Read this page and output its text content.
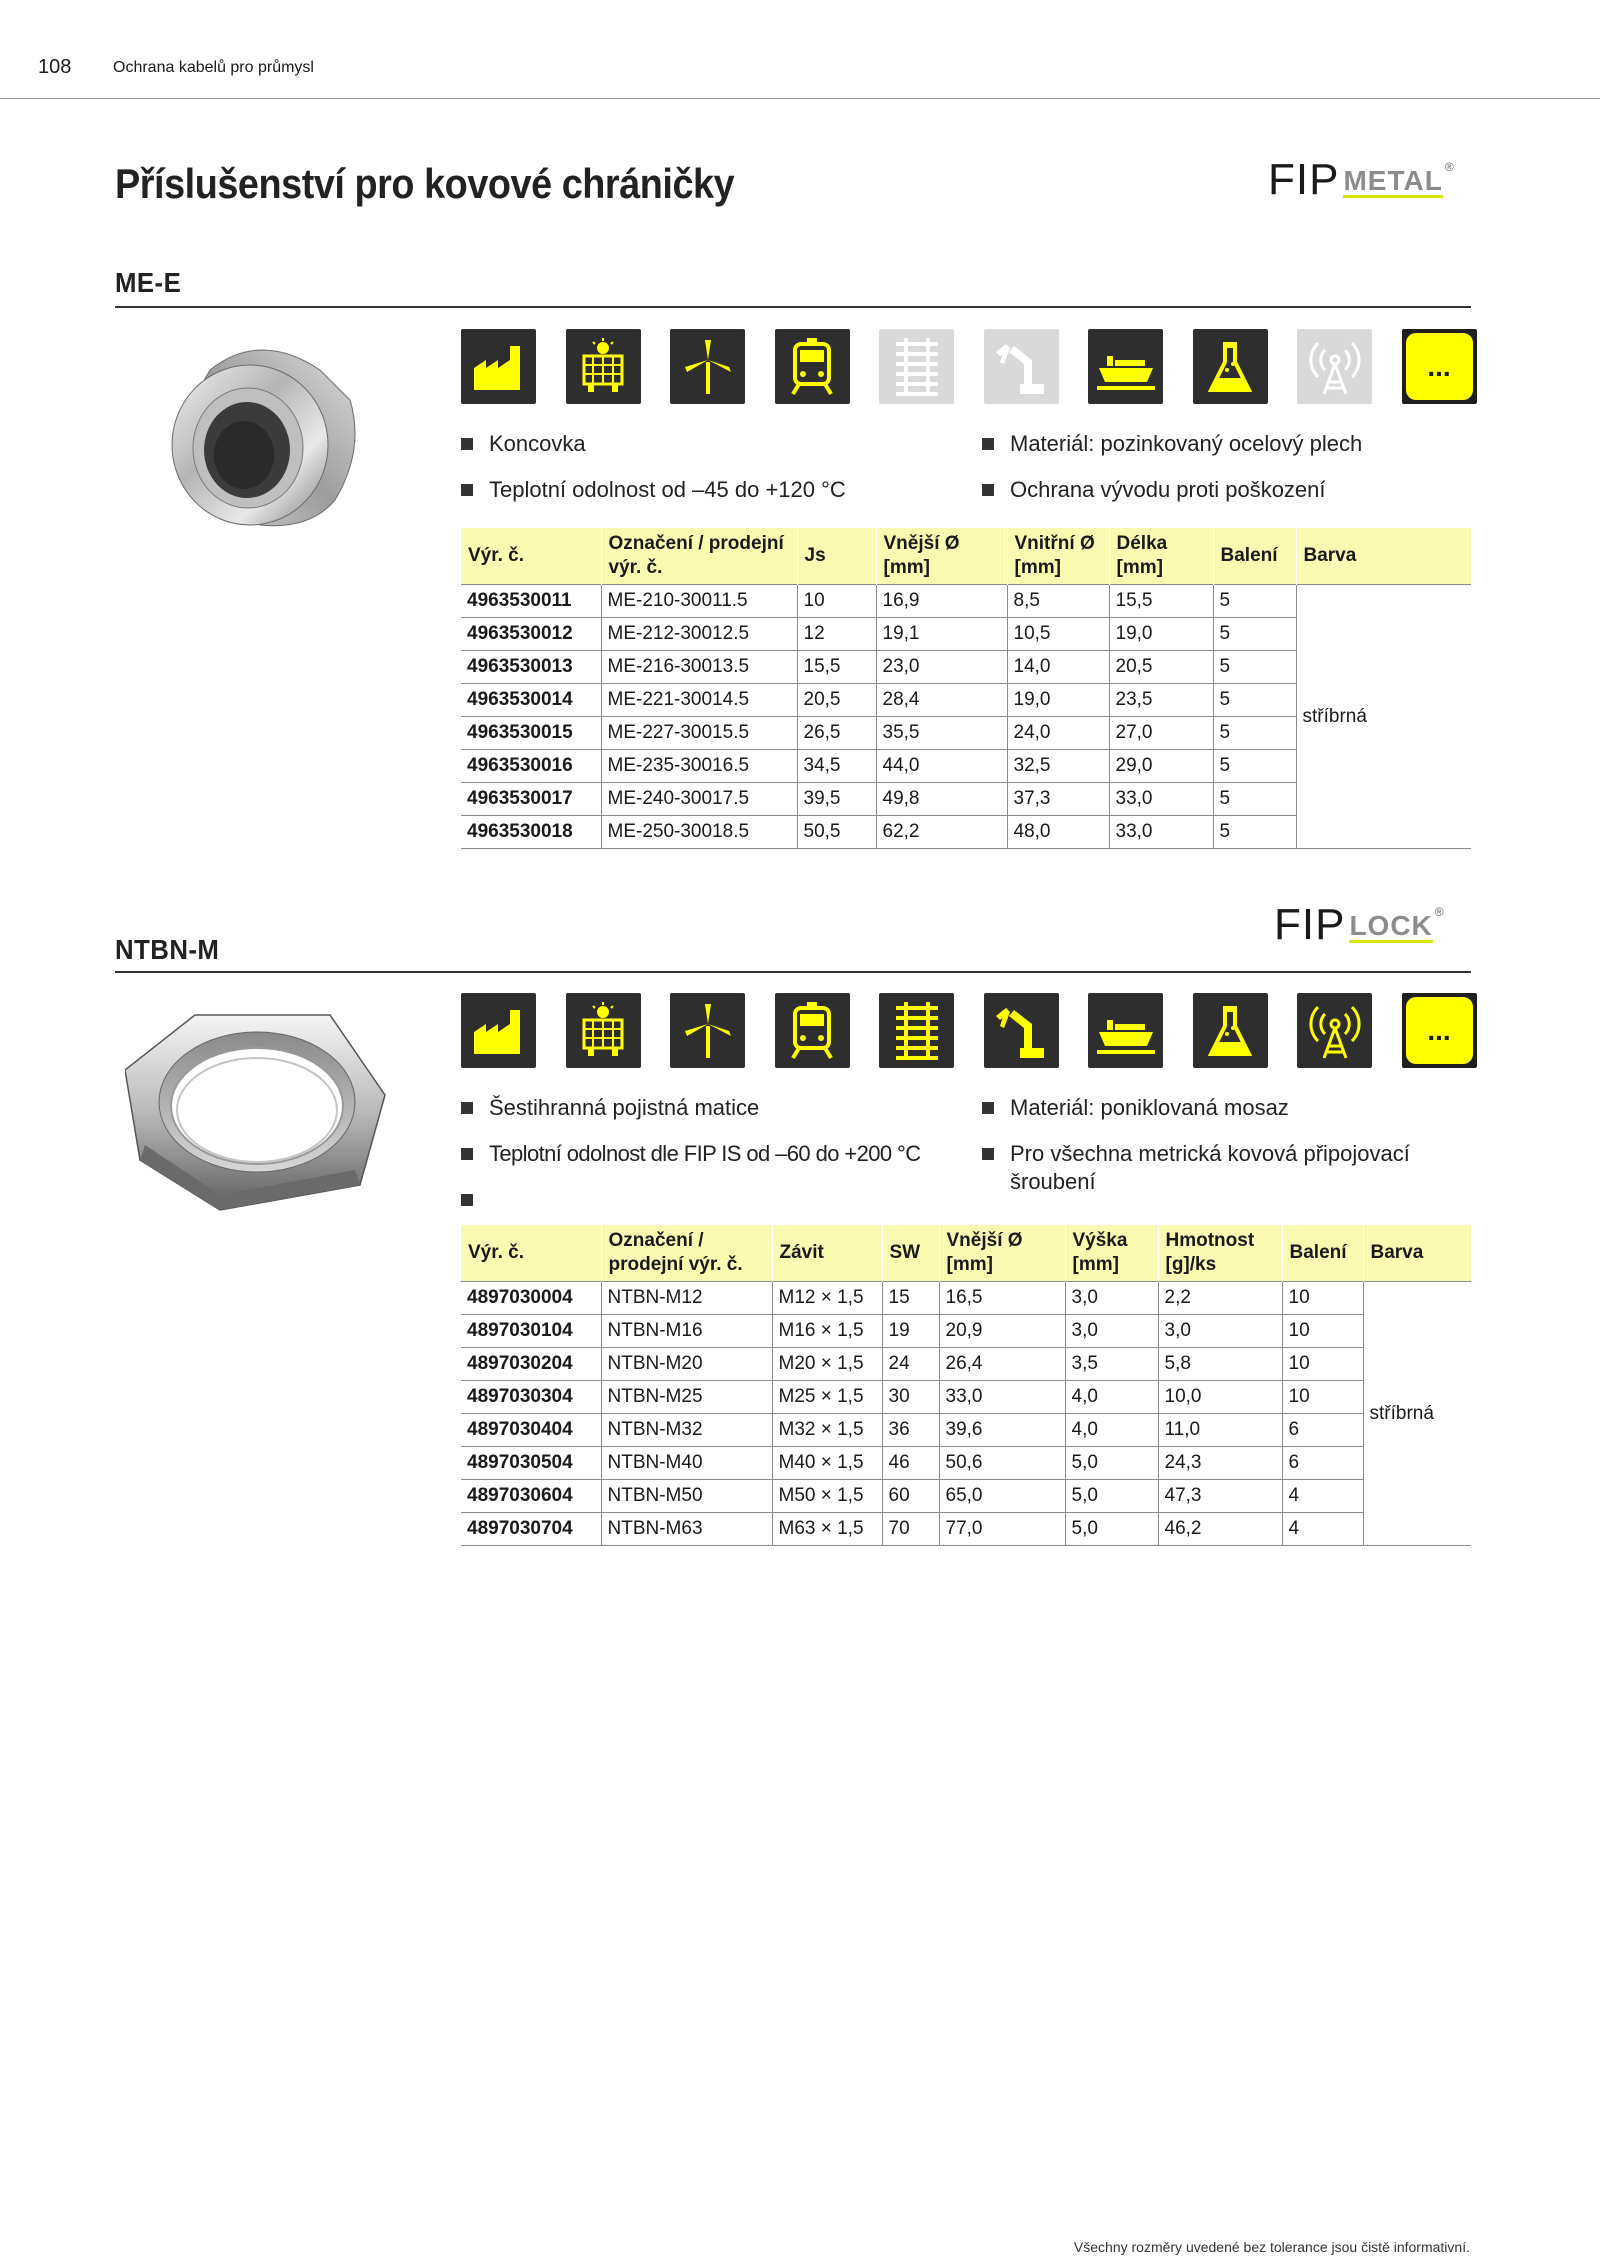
108	Ochrana kabelů pro průmysl
Příslušenství pro kovové chráničky	FIP METAL ®
ME-E
...
Koncovka	Materiál: pozinkovaný ocelový plech
Teplotní odolnost od –45 do +120 °C	Ochrana vývodu proti poškození
Výr. č.	Označení / prodejní výr. č.	Js	Vnější Ø [mm]	Vnitřní Ø [mm]	Délka [mm]	Balení	Barva
4963530011	ME-210-30011.5	10	16,9	8,5	15,5	5	stříbrná
4963530012	ME-212-30012.5	12	19,1	10,5	19,0	5	
4963530013	ME-216-30013.5	15,5	23,0	14,0	20,5	5	
4963530014	ME-221-30014.5	20,5	28,4	19,0	23,5	5	
4963530015	ME-227-30015.5	26,5	35,5	24,0	27,0	5	
4963530016	ME-235-30016.5	34,5	44,0	32,5	29,0	5	
4963530017	ME-240-30017.5	39,5	49,8	37,3	33,0	5	
4963530018	ME-250-30018.5	50,5	62,2	48,0	33,0	5	
FIP LOCK ®
NTBN-M
...
Šestihranná pojistná matice	Materiál: poniklovaná mosaz
Teplotní odolnost dle FIP IS od –60 do +200 °C	Pro všechna metrická kovová připojovací šroubení
Výr. č.	Označení / prodejní výr. č.	Závit	SW	Vnější Ø [mm]	Výška [mm]	Hmotnost [g]/ks	Balení	Barva
4897030004	NTBN-M12	M12 × 1,5	15	16,5	3,0	2,2	10	stříbrná
4897030104	NTBN-M16	M16 × 1,5	19	20,9	3,0	3,0	10	
4897030204	NTBN-M20	M20 × 1,5	24	26,4	3,5	5,8	10	
4897030304	NTBN-M25	M25 × 1,5	30	33,0	4,0	10,0	10	
4897030404	NTBN-M32	M32 × 1,5	36	39,6	4,0	11,0	6	
4897030504	NTBN-M40	M40 × 1,5	46	50,6	5,0	24,3	6	
4897030604	NTBN-M50	M50 × 1,5	60	65,0	5,0	47,3	4	
4897030704	NTBN-M63	M63 × 1,5	70	77,0	5,0	46,2	4	
Všechny rozměry uvedené bez tolerance jsou čistě informativní.
